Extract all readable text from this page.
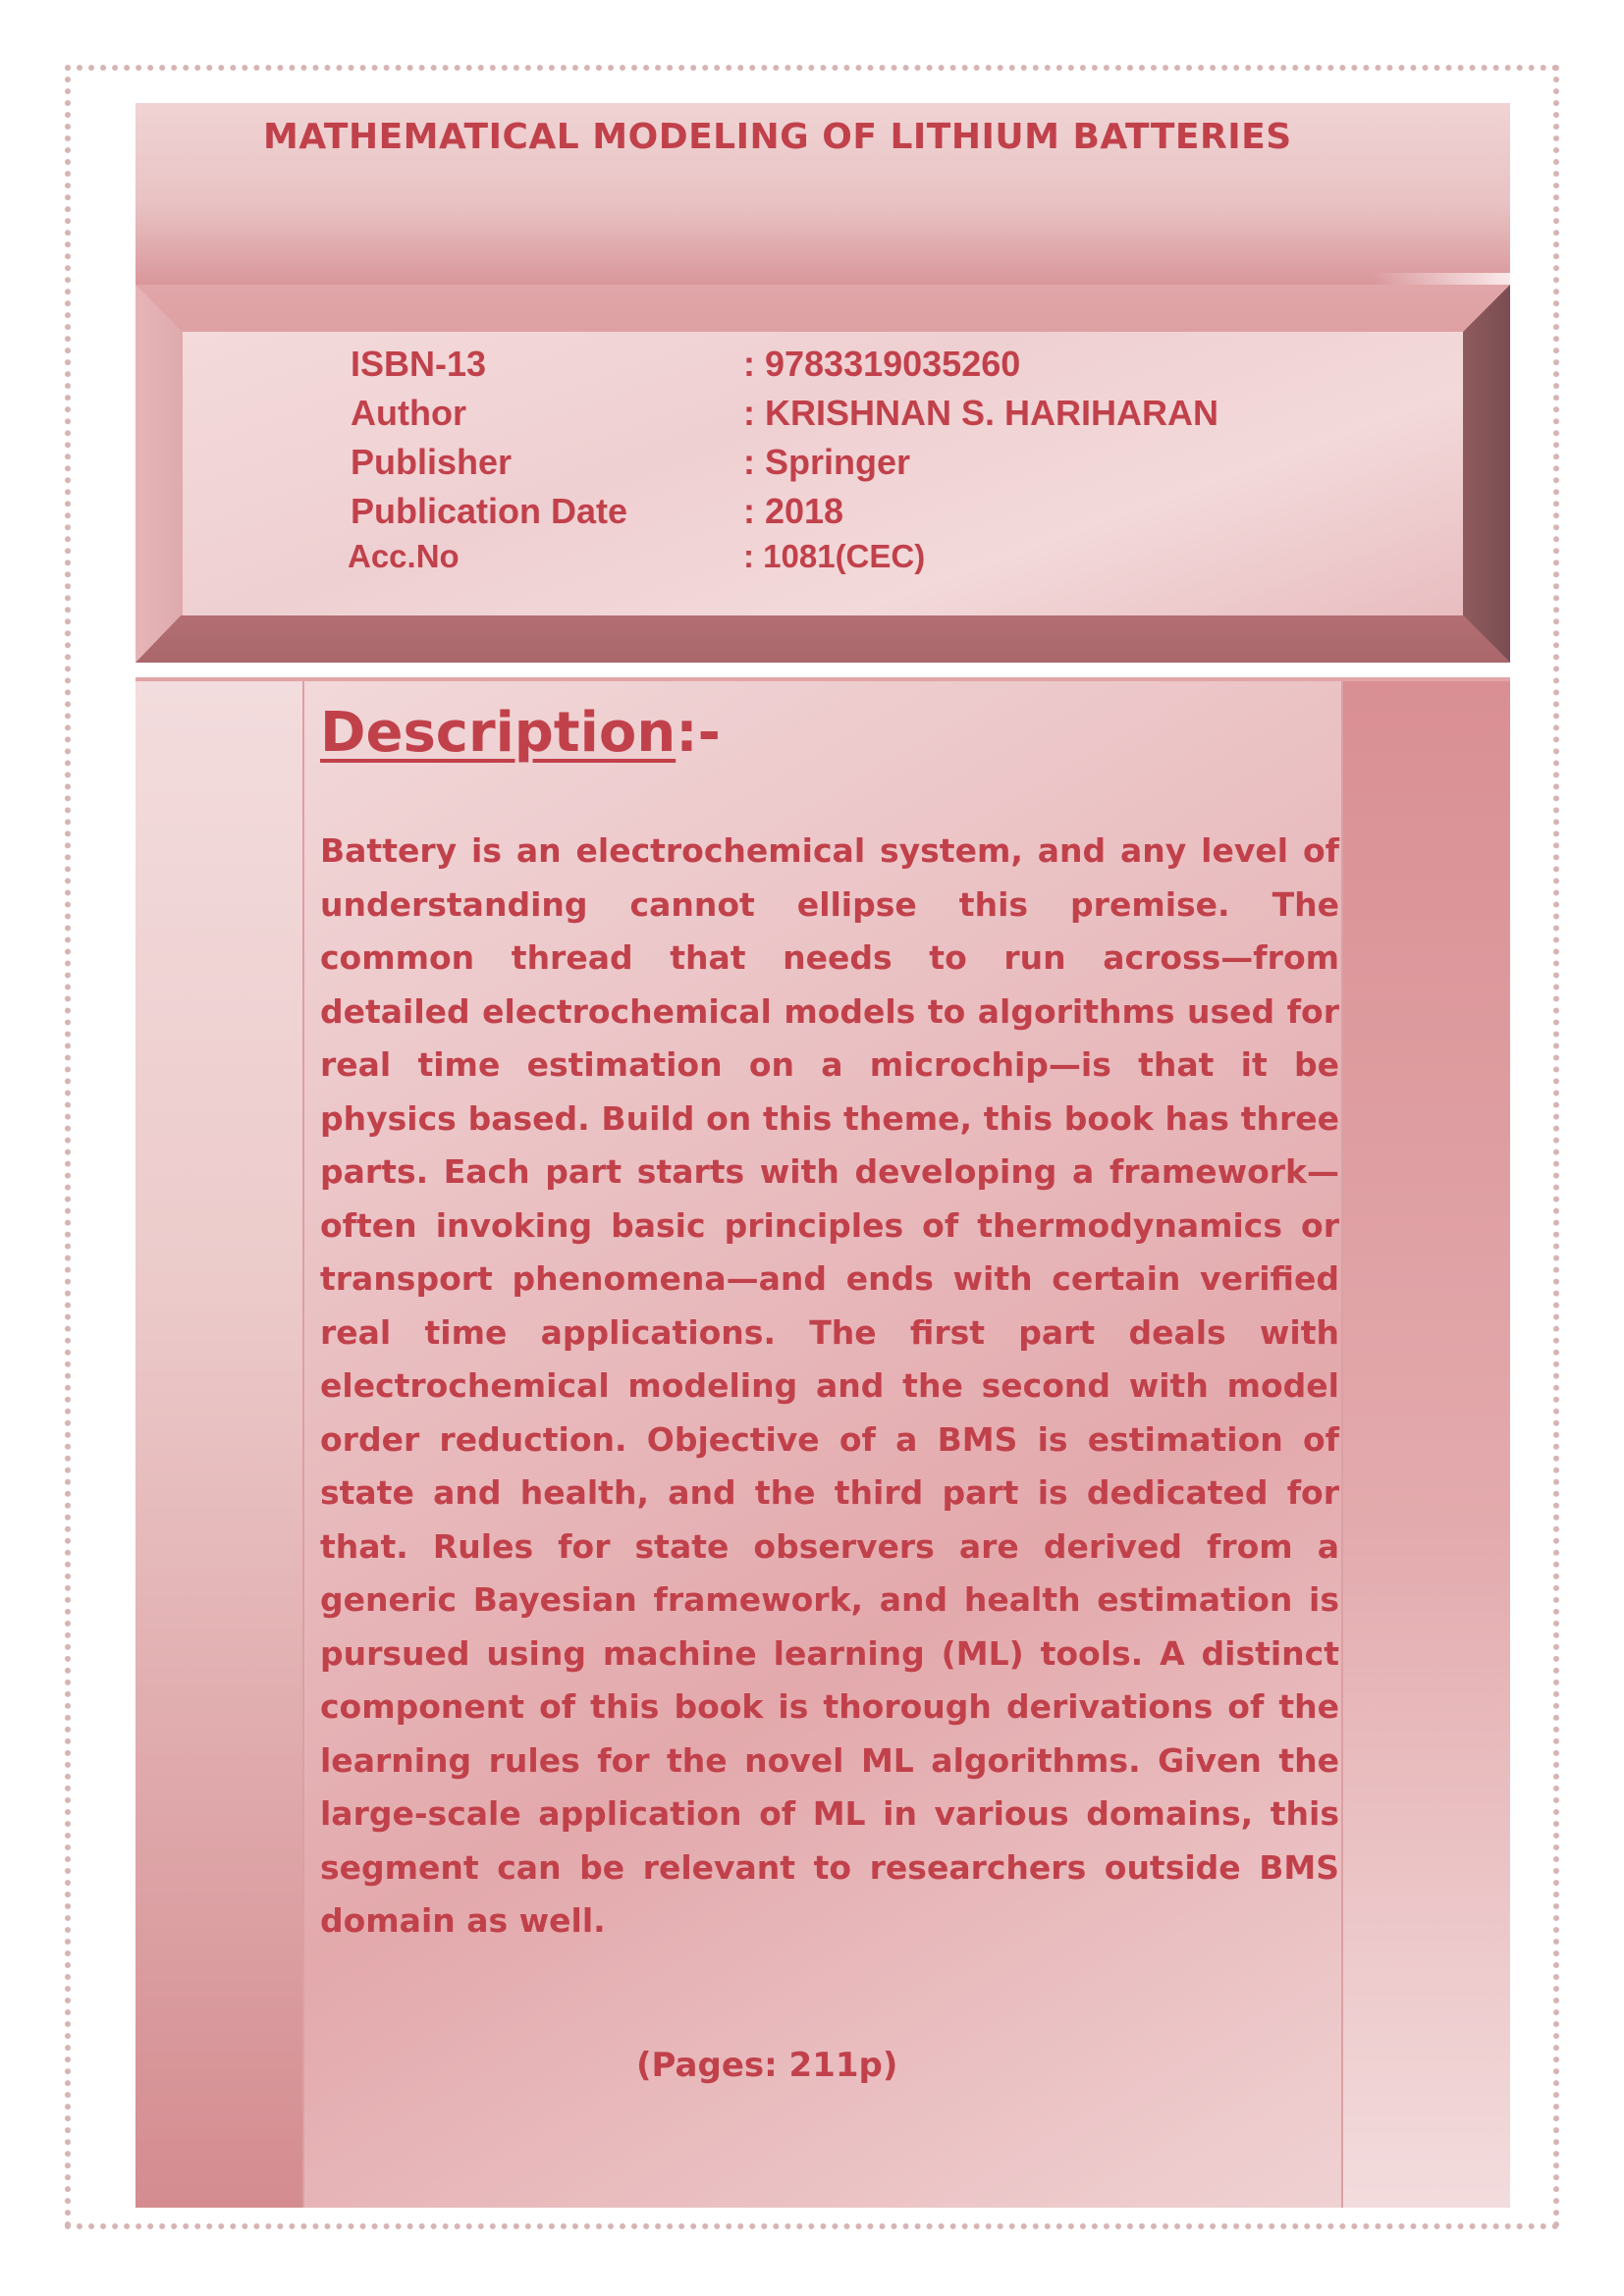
MATHEMATICAL MODELING OF LITHIUM BATTERIES
ISBN-13	: 9783319035260
Author	: KRISHNAN S. HARIHARAN
Publisher	: Springer
Publication Date	: 2018
Acc.No	: 1081(CEC)
Description:-

Battery is an electrochemical system, and any level of understanding cannot ellipse this premise. The common thread that needs to run across—from detailed electrochemical models to algorithms used for real time estimation on a microchip—is that it be physics based. Build on this theme, this book has three parts. Each part starts with developing a framework—often invoking basic principles of thermodynamics or transport phenomena—and ends with certain verified real time applications. The first part deals with electrochemical modeling and the second with model order reduction. Objective of a BMS is estimation of state and health, and the third part is dedicated for that. Rules for state observers are derived from a generic Bayesian framework, and health estimation is pursued using machine learning (ML) tools. A distinct component of this book is thorough derivations of the learning rules for the novel ML algorithms. Given the large-scale application of ML in various domains, this segment can be relevant to researchers outside BMS domain as well.

(Pages: 211p)
